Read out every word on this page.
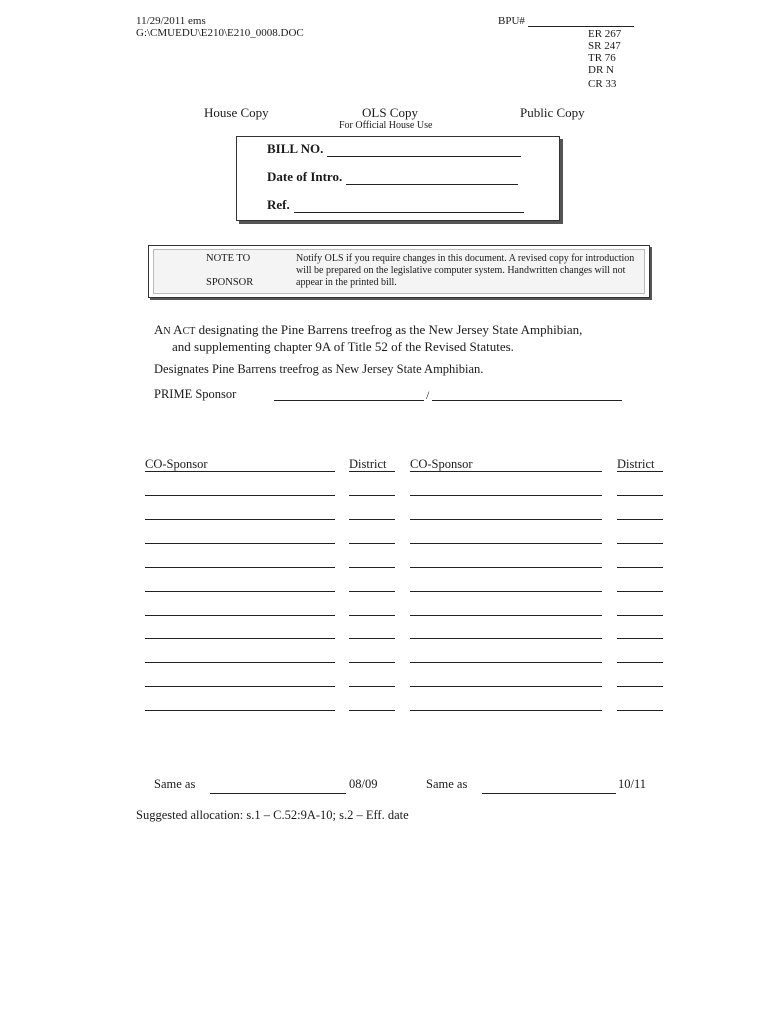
11/29/2011 ems
G:\CMUEDU\E210\E210_0008.DOC
BPU#
ER 267
SR 247
TR 76
DR N
CR 33
House Copy	OLS Copy
For Official House Use
Public Copy
BILL NO.
Date of Intro.
Ref.
NOTE TO
SPONSOR
Notify OLS if you require changes in this document. A revised copy for introduction will be prepared on the legislative computer system. Handwritten changes will not appear in the printed bill.
AN ACT designating the Pine Barrens treefrog as the New Jersey State Amphibian,
and supplementing chapter 9A of Title 52 of the Revised Statutes.
Designates Pine Barrens treefrog as New Jersey State Amphibian.
PRIME Sponsor	/
CO-Sponsor	District CO-Sponsor	District
Same as	08/09	Same as	10/11
Suggested allocation: s.1 – C.52:9A-10; s.2 – Eff. date
